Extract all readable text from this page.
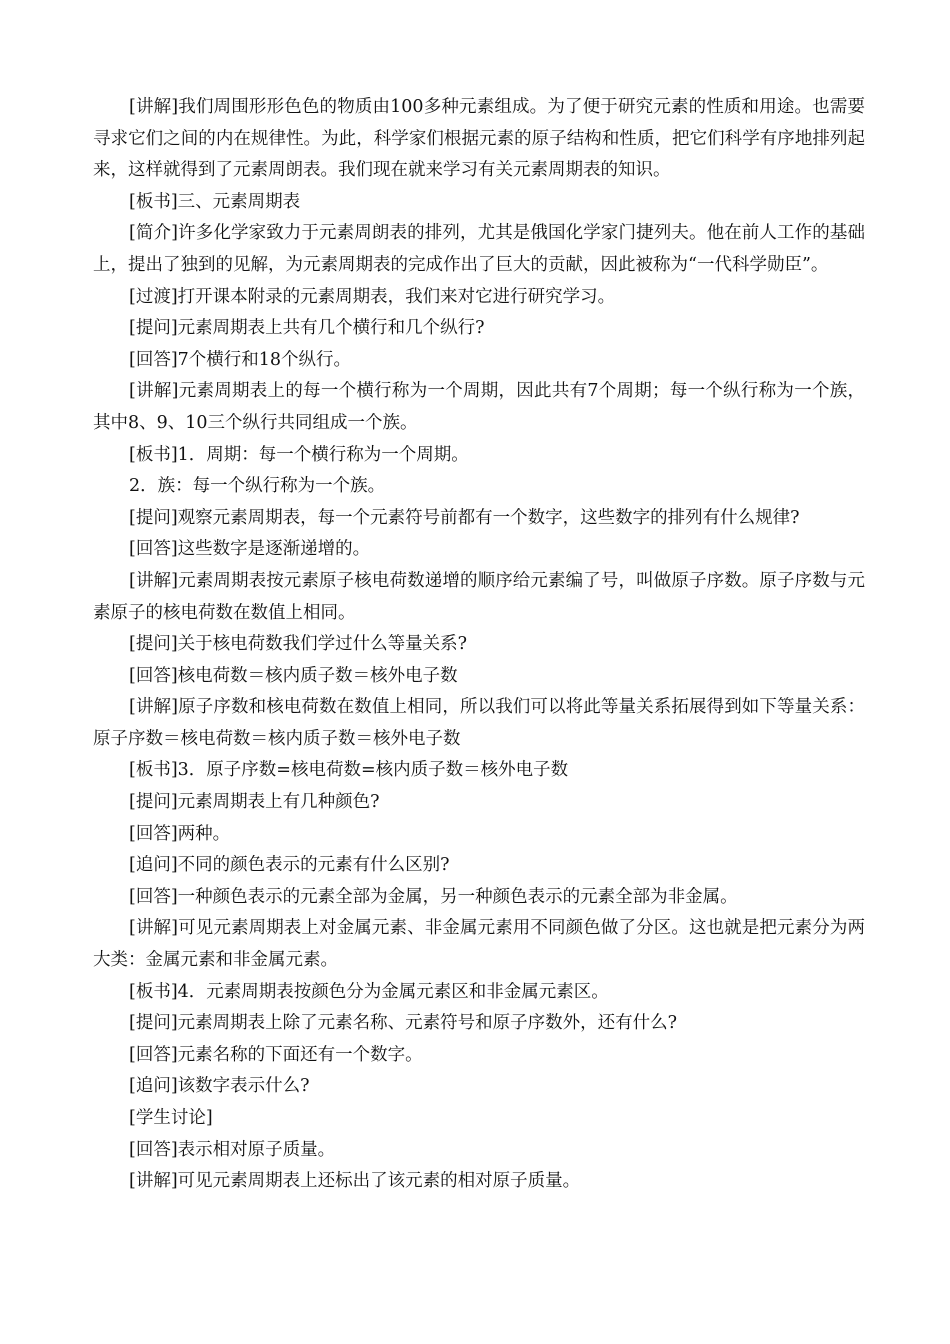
[讲解]我们周围形形色色的物质由100多种元素组成。为了便于研究元素的性质和用途。也需要寻求它们之间的内在规律性。为此，科学家们根据元素的原子结构和性质，把它们科学有序地排列起来，这样就得到了元素周朗表。我们现在就来学习有关元素周期表的知识。

[板书]三、元素周期表

[简介]许多化学家致力于元素周朗表的排列，尤其是俄国化学家门捷列夫。他在前人工作的基础上，提出了独到的见解，为元素周期表的完成作出了巨大的贡献，因此被称为“一代科学勋臣”。

[过渡]打开课本附录的元素周期表，我们来对它进行研究学习。

[提问]元素周期表上共有几个横行和几个纵行?

[回答]7个横行和18个纵行。

[讲解]元素周期表上的每一个横行称为一个周期，因此共有7个周期；每一个纵行称为一个族，其中8、9、10三个纵行共同组成一个族。

[板书]1．周期：每一个横行称为一个周期。

2．族：每一个纵行称为一个族。

[提问]观察元素周期表，每一个元素符号前都有一个数字，这些数字的排列有什么规律?

[回答]这些数字是逐渐递增的。

[讲解]元素周期表按元素原子核电荷数递增的顺序给元素编了号，叫做原子序数。原子序数与元素原子的核电荷数在数值上相同。

[提问]关于核电荷数我们学过什么等量关系?

[回答]核电荷数＝核内质子数＝核外电子数

[讲解]原子序数和核电荷数在数值上相同，所以我们可以将此等量关系拓展得到如下等量关系：原子序数＝核电荷数＝核内质子数＝核外电子数

[板书]3．原子序数=核电荷数=核内质子数＝核外电子数

[提问]元素周期表上有几种颜色?

[回答]两种。

[追问]不同的颜色表示的元素有什么区别?

[回答]一种颜色表示的元素全部为金属，另一种颜色表示的元素全部为非金属。

[讲解]可见元素周期表上对金属元素、非金属元素用不同颜色做了分区。这也就是把元素分为两大类：金属元素和非金属元素。

[板书]4．元素周期表按颜色分为金属元素区和非金属元素区。

[提问]元素周期表上除了元素名称、元素符号和原子序数外，还有什么?

[回答]元素名称的下面还有一个数字。

[追问]该数字表示什么?

[学生讨论]

[回答]表示相对原子质量。

[讲解]可见元素周期表上还标出了该元素的相对原子质量。
